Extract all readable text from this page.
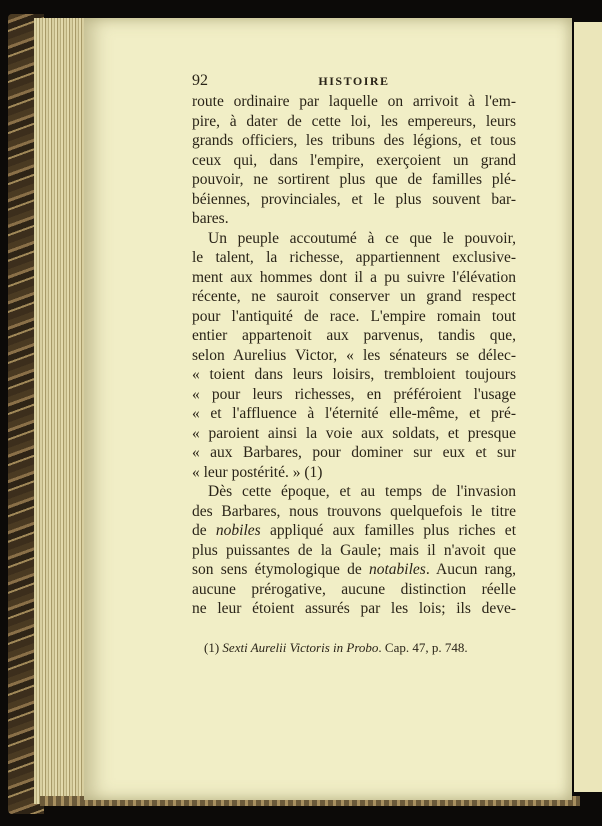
92	HISTOIRE
route ordinaire par laquelle on arrivoit à l'em-
pire, à dater de cette loi, les empereurs, leurs
grands officiers, les tribuns des légions, et tous
ceux qui, dans l'empire, exerçoient un grand
pouvoir, ne sortirent plus que de familles plé-
béiennes, provinciales, et le plus souvent bar-
bares.
Un peuple accoutumé à ce que le pouvoir,
le talent, la richesse, appartiennent exclusive-
ment aux hommes dont il a pu suivre l'élévation
récente, ne sauroit conserver un grand respect
pour l'antiquité de race. L'empire romain tout
entier appartenoit aux parvenus, tandis que,
selon Aurelius Victor, « les sénateurs se délec-
« toient dans leurs loisirs, trembloient toujours
« pour leurs richesses, en préféroient l'usage
« et l'affluence à l'éternité elle-même, et pré-
« paroient ainsi la voie aux soldats, et presque
« aux Barbares, pour dominer sur eux et sur
« leur postérité. » (1)
Dès cette époque, et au temps de l'invasion
des Barbares, nous trouvons quelquefois le titre
de nobiles appliqué aux familles plus riches et
plus puissantes de la Gaule; mais il n'avoit que
son sens étymologique de notabiles. Aucun rang,
aucune prérogative, aucune distinction réelle
ne leur étoient assurés par les lois; ils deve-
(1) Sexti Aurelii Victoris in Probo. Cap. 47, p. 748.
